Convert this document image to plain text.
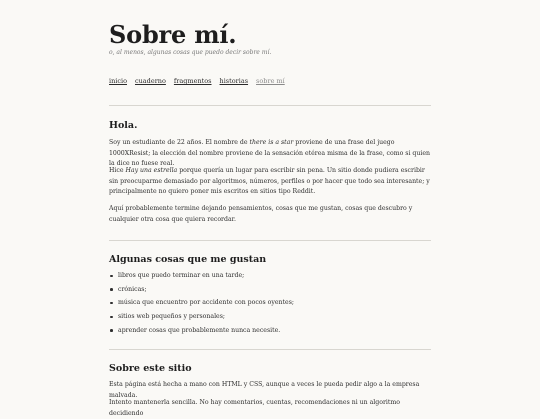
Sobre mí.
o, al menos, algunas cosas que puedo decir sobre mí.
inicio cuaderno fragmentos historias sobre mí
Hola.

Soy un estudiante de 22 años. El nombre de there is a star proviene de una frase del juego 1000XResist; la elección del nombre proviene de la sensación etérea misma de la frase, como si quien la dice no fuese real.

Hice Hay una estrella porque quería un lugar para escribir sin pena. Un sitio donde pudiera escribir sin preocuparme demasiado por algoritmos, números, perfiles o por hacer que todo sea interesante; y principalmente no quiero poner mis escritos en sitios tipo Reddit.

Aquí probablemente termine dejando pensamientos, cosas que me gustan, cosas que descubro y cualquier otra cosa que quiera recordar.

Algunas cosas que me gustan
libros que puedo terminar en una tarde;
crónicas;
música que encuentro por accidente con pocos oyentes;
sitios web pequeños y personales;
aprender cosas que probablemente nunca necesite.
Sobre este sitio

Esta página está hecha a mano con HTML y CSS, aunque a veces le pueda pedir algo a la empresa malvada.

Intento mantenerla sencilla. No hay comentarios, cuentas, recomendaciones ni un algoritmo decidiendo
